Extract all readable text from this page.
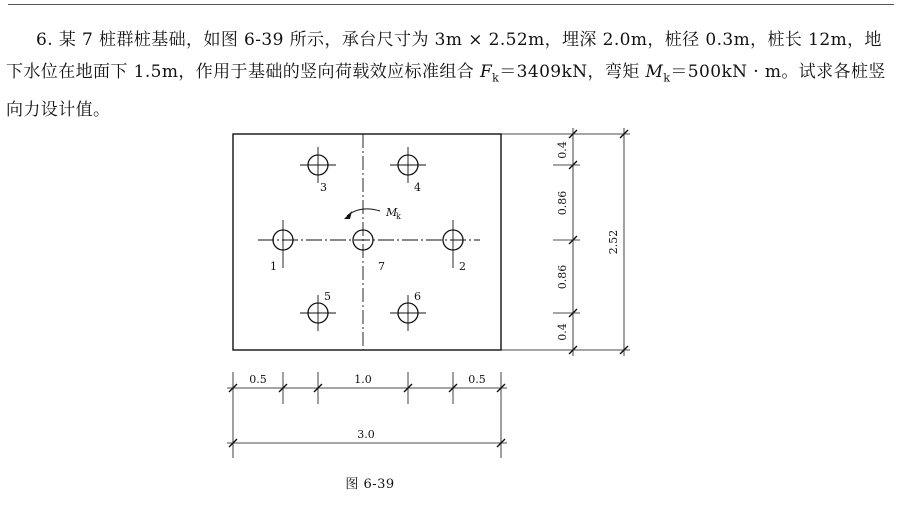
6. 某 7 桩群桩基础，如图 6-39 所示，承台尺寸为 3m × 2.52m，埋深 2.0m，桩径 0.3m，桩长 12m，地下水位在地面下 1.5m，作用于基础的竖向荷载效应标准组合 $F_k=3409kN$，弯矩 $M_k=500kN \cdot m$。试求各桩竖向力设计值。

3	4
1	7	2
5	6
M
k
0.4
0.86
0.86
0.4
2.52
0.5	1.0	0.5
3.0
图 6-39
